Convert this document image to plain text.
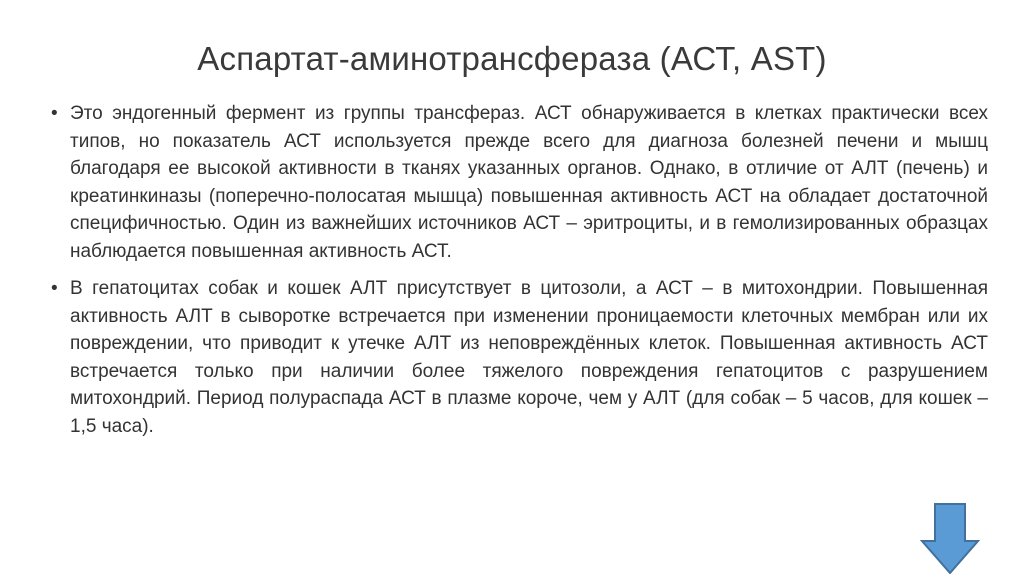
Аспартат-аминотрансфераза (АСТ, AST)
• Это эндогенный фермент из группы трансфераз. АСТ обнаруживается в клетках практически всех типов, но показатель АСТ используется прежде всего для диагноза болезней печени и мышц благодаря ее высокой активности в тканях указанных органов. Однако, в отличие от АЛТ (печень) и креатинкиназы (поперечно-полосатая мышца) повышенная активность АСТ на обладает достаточной специфичностью. Один из важнейших источников АСТ – эритроциты, и в гемолизированных образцах наблюдается повышенная активность АСТ.
• В гепатоцитах собак и кошек АЛТ присутствует в цитозоли, а АСТ – в митохондрии. Повышенная активность АЛТ в сыворотке встречается при изменении проницаемости клеточных мембран или их повреждении, что приводит к утечке АЛТ из неповреждённых клеток. Повышенная активность АСТ встречается только при наличии более тяжелого повреждения гепатоцитов с разрушением митохондрий. Период полураспада АСТ в плазме короче, чем у АЛТ (для собак – 5 часов, для кошек – 1,5 часа).
